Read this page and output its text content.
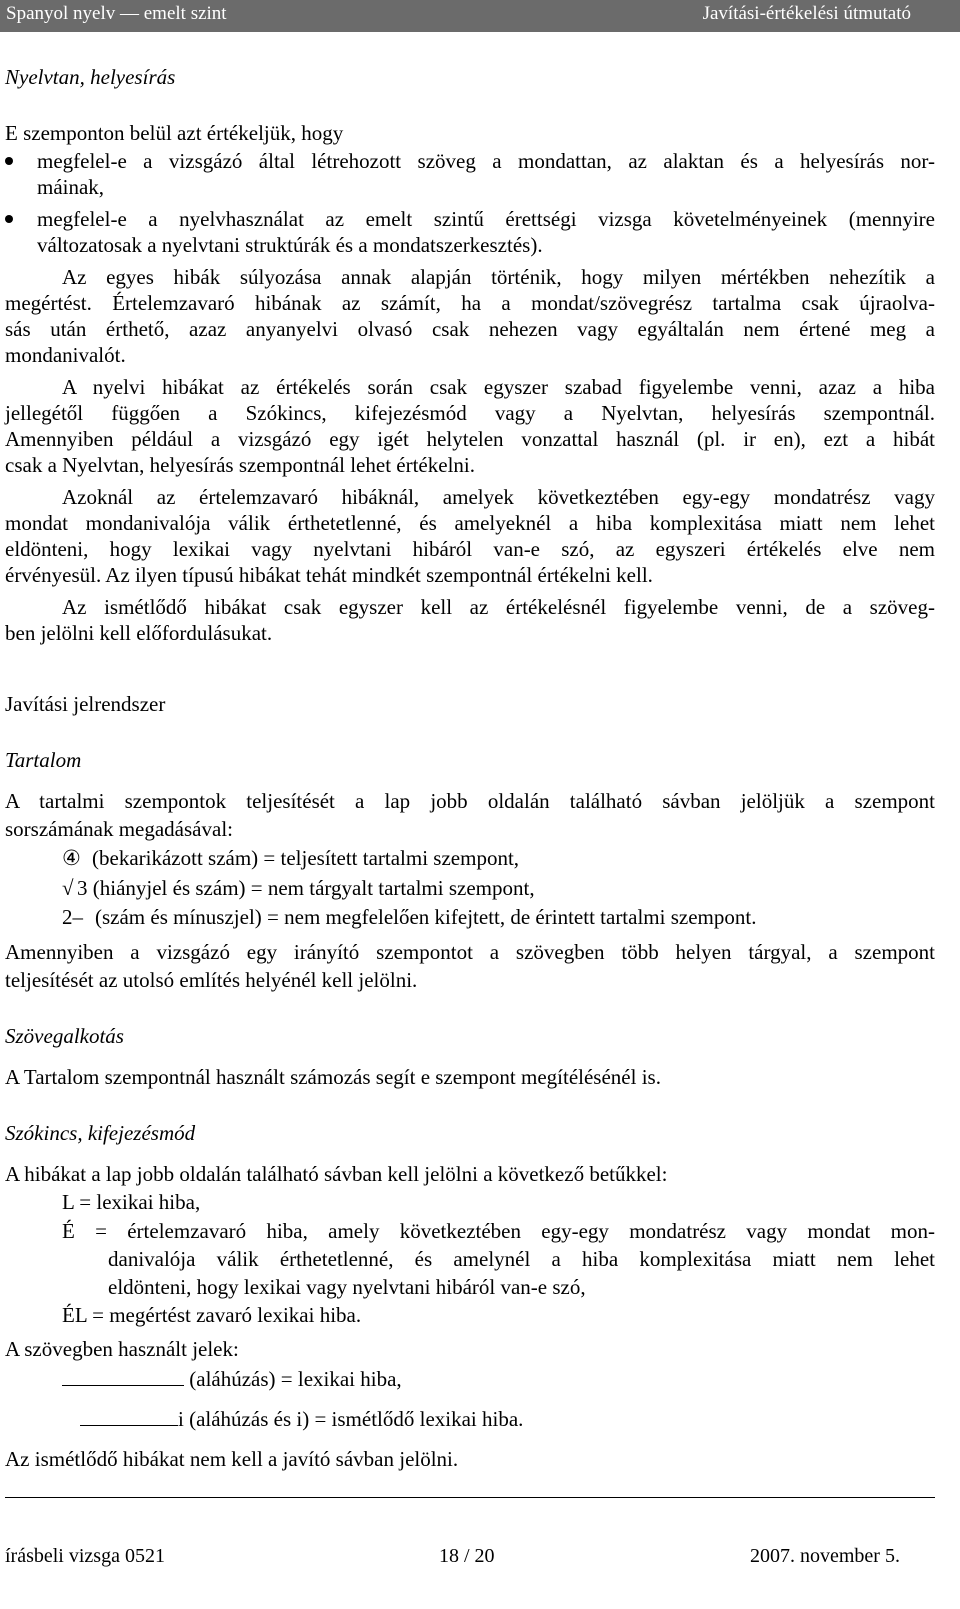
Spanyol nyelv — emelt szint	Javítási-értékelési útmutató
Nyelvtan, helyesírás
E szemponton belül azt értékeljük, hogy
megfelel-e a vizsgázó által létrehozott szöveg a mondattan, az alaktan és a helyesírás nor-
máinak,
megfelel-e a nyelvhasználat az emelt szintű érettségi vizsga követelményeinek (mennyire
változatosak a nyelvtani struktúrák és a mondatszerkesztés).
Az egyes hibák súlyozása annak alapján történik, hogy milyen mértékben nehezítik a
megértést. Értelemzavaró hibának az számít, ha a mondat/szövegrész tartalma csak újraolva-
sás után érthető, azaz anyanyelvi olvasó csak nehezen vagy egyáltalán nem értené meg a
mondanivalót.
A nyelvi hibákat az értékelés során csak egyszer szabad figyelembe venni, azaz a hiba
jellegétől függően a Szókincs, kifejezésmód vagy a Nyelvtan, helyesírás szempontnál.
Amennyiben például a vizsgázó egy igét helytelen vonzattal használ (pl. ir en), ezt a hibát
csak a Nyelvtan, helyesírás szempontnál lehet értékelni.
Azoknál az értelemzavaró hibáknál, amelyek következtében egy-egy mondatrész vagy
mondat mondanivalója válik érthetetlenné, és amelyeknél a hiba komplexitása miatt nem lehet
eldönteni, hogy lexikai vagy nyelvtani hibáról van-e szó, az egyszeri értékelés elve nem
érvényesül. Az ilyen típusú hibákat tehát mindkét szempontnál értékelni kell.
Az ismétlődő hibákat csak egyszer kell az értékelésnél figyelembe venni, de a szöveg-
ben jelölni kell előfordulásukat.
Javítási jelrendszer
Tartalom
A tartalmi szempontok teljesítését a lap jobb oldalán található sávban jelöljük a szempont
sorszámának megadásával:
④ (bekarikázott szám) = teljesített tartalmi szempont,
√ 3 (hiányjel és szám) = nem tárgyalt tartalmi szempont,
2– (szám és mínuszjel) = nem megfelelően kifejtett, de érintett tartalmi szempont.
Amennyiben a vizsgázó egy irányító szempontot a szövegben több helyen tárgyal, a szempont
teljesítését az utolsó említés helyénél kell jelölni.
Szövegalkotás
A Tartalom szempontnál használt számozás segít e szempont megítélésénél is.
Szókincs, kifejezésmód
A hibákat a lap jobb oldalán található sávban kell jelölni a következő betűkkel:
L = lexikai hiba,
É = értelemzavaró hiba, amely következtében egy-egy mondatrész vagy mondat mon-
danivalója válik érthetetlenné, és amelynél a hiba komplexitása miatt nem lehet
eldönteni, hogy lexikai vagy nyelvtani hibáról van-e szó,
ÉL = megértést zavaró lexikai hiba.
A szövegben használt jelek:
(aláhúzás) = lexikai hiba,
i (aláhúzás és i) = ismétlődő lexikai hiba.
Az ismétlődő hibákat nem kell a javító sávban jelölni.
írásbeli vizsga 0521	18 / 20	2007. november 5.
